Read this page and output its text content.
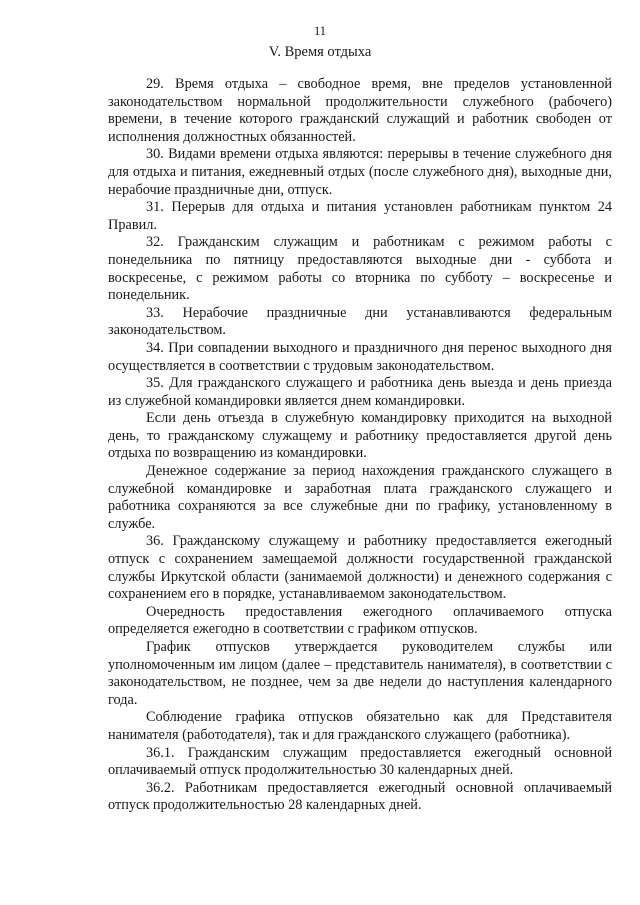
11
V. Время отдыха

29. Время отдыха – свободное время, вне пределов установленной законодательством нормальной продолжительности служебного (рабочего) времени, в течение которого гражданский служащий и работник свободен от исполнения должностных обязанностей.

30. Видами времени отдыха являются: перерывы в течение служебного дня для отдыха и питания, ежедневный отдых (после служебного дня), выходные дни, нерабочие праздничные дни, отпуск.

31. Перерыв для отдыха и питания установлен работникам пунктом 24 Правил.

32. Гражданским служащим и работникам с режимом работы с понедельника по пятницу предоставляются выходные дни - суббота и воскресенье, с режимом работы со вторника по субботу – воскресенье и понедельник.

33. Нерабочие праздничные дни устанавливаются федеральным законодательством.

34. При совпадении выходного и праздничного дня перенос выходного дня осуществляется в соответствии с трудовым законодательством.

35. Для гражданского служащего и работника день выезда и день приезда из служебной командировки является днем командировки.

Если день отъезда в служебную командировку приходится на выходной день, то гражданскому служащему и работнику предоставляется другой день отдыха по возвращению из командировки.

Денежное содержание за период нахождения гражданского служащего в служебной командировке и заработная плата гражданского служащего и работника сохраняются за все служебные дни по графику, установленному в службе.

36. Гражданскому служащему и работнику предоставляется ежегодный отпуск с сохранением замещаемой должности государственной гражданской службы Иркутской области (занимаемой должности) и денежного содержания с сохранением его в порядке, устанавливаемом законодательством.

Очередность предоставления ежегодного оплачиваемого отпуска определяется ежегодно в соответствии с графиком отпусков.

График отпусков утверждается руководителем службы или уполномоченным им лицом (далее – представитель нанимателя), в соответствии с законодательством, не позднее, чем за две недели до наступления календарного года.

Соблюдение графика отпусков обязательно как для Представителя нанимателя (работодателя), так и для гражданского служащего (работника).

36.1. Гражданским служащим предоставляется ежегодный основной оплачиваемый отпуск продолжительностью 30 календарных дней.

36.2. Работникам предоставляется ежегодный основной оплачиваемый отпуск продолжительностью 28 календарных дней.
